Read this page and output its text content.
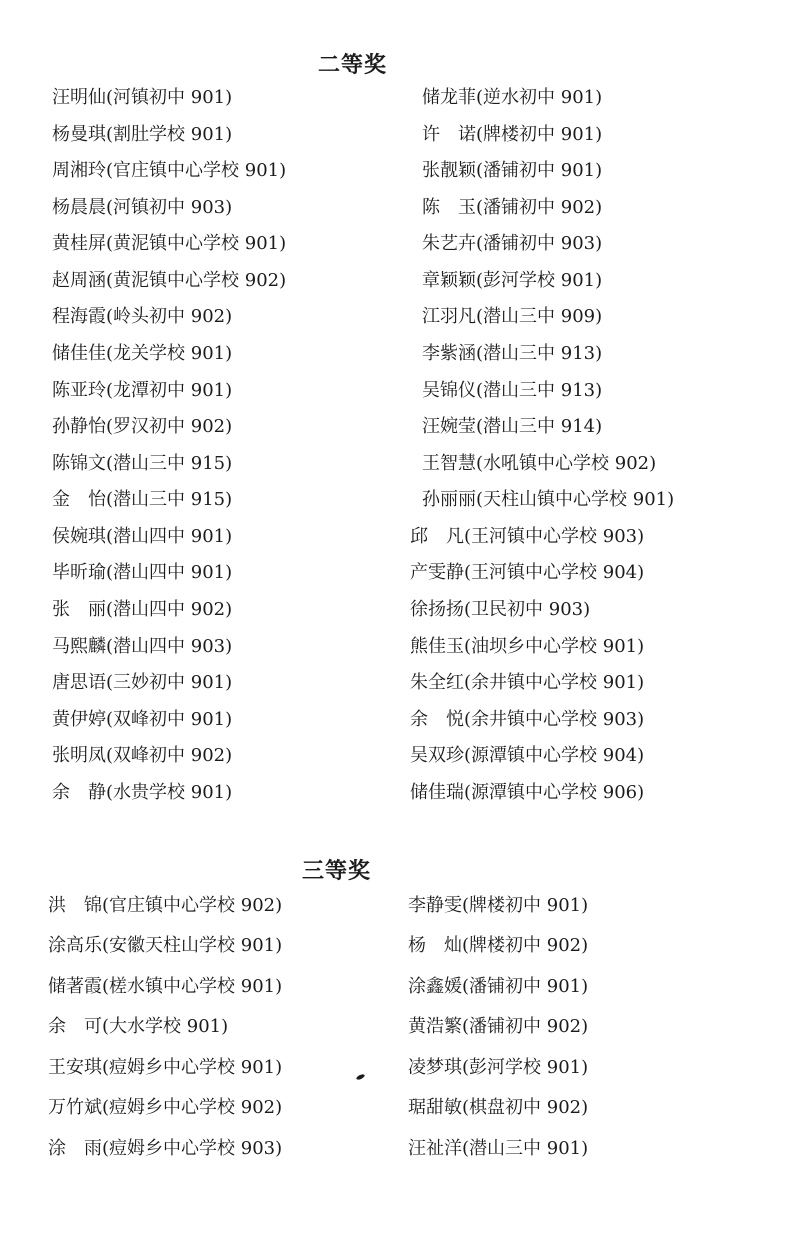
二等奖
汪明仙(河镇初中 901)
杨曼琪(割肚学校 901)
周湘玲(官庄镇中心学校 901)
杨晨晨(河镇初中 903)
黄桂屏(黄泥镇中心学校 901)
赵周涵(黄泥镇中心学校 902)
程海霞(岭头初中 902)
储佳佳(龙关学校 901)
陈亚玲(龙潭初中 901)
孙静怡(罗汉初中 902)
陈锦文(潜山三中 915)
金　怡(潜山三中 915)
侯婉琪(潜山四中 901)
毕昕瑜(潜山四中 901)
张　丽(潜山四中 902)
马熙麟(潜山四中 903)
唐思语(三妙初中 901)
黄伊婷(双峰初中 901)
张明凤(双峰初中 902)
余　静(水贵学校 901)
储龙菲(逆水初中 901)
许　诺(牌楼初中 901)
张靓颖(潘铺初中 901)
陈　玉(潘铺初中 902)
朱艺卉(潘铺初中 903)
章颖颖(彭河学校 901)
江羽凡(潜山三中 909)
李紫涵(潜山三中 913)
吴锦仪(潜山三中 913)
汪婉莹(潜山三中 914)
王智慧(水吼镇中心学校 902)
孙丽丽(天柱山镇中心学校 901)
邱　凡(王河镇中心学校 903)
产雯静(王河镇中心学校 904)
徐扬扬(卫民初中 903)
熊佳玉(油坝乡中心学校 901)
朱全红(余井镇中心学校 901)
余　悦(余井镇中心学校 903)
吴双珍(源潭镇中心学校 904)
储佳瑞(源潭镇中心学校 906)
三等奖
洪　锦(官庄镇中心学校 902)
涂高乐(安徽天柱山学校 901)
储著霞(槎水镇中心学校 901)
余　可(大水学校 901)
王安琪(痘姆乡中心学校 901)
万竹斌(痘姆乡中心学校 902)
涂　雨(痘姆乡中心学校 903)
李静雯(牌楼初中 901)
杨　灿(牌楼初中 902)
涂鑫媛(潘铺初中 901)
黄浩繁(潘铺初中 902)
凌梦琪(彭河学校 901)
琚甜敏(棋盘初中 902)
汪祉洋(潜山三中 901)
